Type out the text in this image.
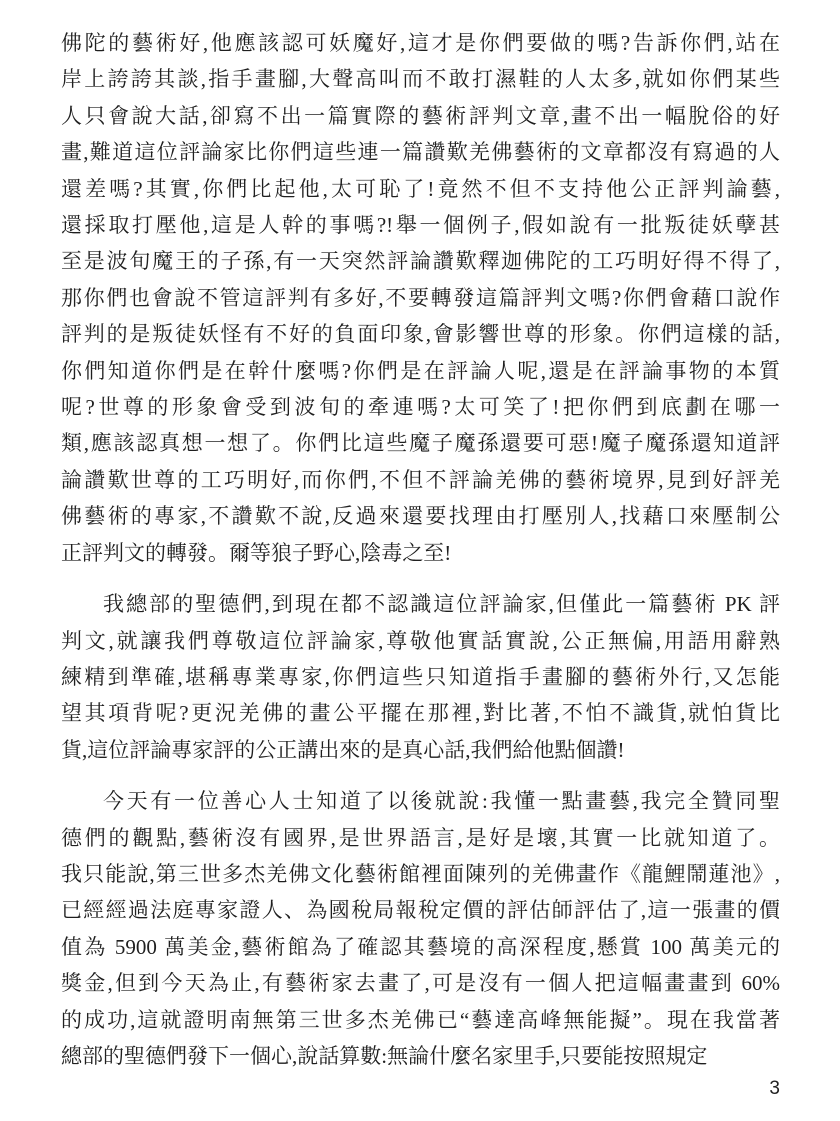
佛陀的藝術好,他應該認可妖魔好,這才是你們要做的嗎?告訴你們,站在
岸上誇誇其談,指手畫腳,大聲高叫而不敢打濕鞋的人太多,就如你們某些
人只會說大話,卻寫不出一篇實際的藝術評判文章,畫不出一幅脫俗的好
畫,難道這位評論家比你們這些連一篇讚歎羌佛藝術的文章都沒有寫過的人
還差嗎?其實,你們比起他,太可恥了!竟然不但不支持他公正評判論藝,
還採取打壓他,這是人幹的事嗎?!舉一個例子,假如說有一批叛徒妖孽甚
至是波旬魔王的子孫,有一天突然評論讚歎釋迦佛陀的工巧明好得不得了,
那你們也會說不管這評判有多好,不要轉發這篇評判文嗎?你們會藉口說作
評判的是叛徒妖怪有不好的負面印象,會影響世尊的形象。你們這樣的話,
你們知道你們是在幹什麼嗎?你們是在評論人呢,還是在評論事物的本質
呢?世尊的形象會受到波旬的牽連嗎?太可笑了!把你們到底劃在哪一
類,應該認真想一想了。你們比這些魔子魔孫還要可惡!魔子魔孫還知道評
論讚歎世尊的工巧明好,而你們,不但不評論羌佛的藝術境界,見到好評羌
佛藝術的專家,不讚歎不說,反過來還要找理由打壓別人,找藉口來壓制公
正評判文的轉發。爾等狼子野心,陰毒之至!
我總部的聖德們,到現在都不認識這位評論家,但僅此一篇藝術 PK 評
判文,就讓我們尊敬這位評論家,尊敬他實話實說,公正無偏,用語用辭熟
練精到準確,堪稱專業專家,你們這些只知道指手畫腳的藝術外行,又怎能
望其項背呢?更況羌佛的畫公平擺在那裡,對比著,不怕不識貨,就怕貨比
貨,這位評論專家評的公正講出來的是真心話,我們給他點個讚!
今天有一位善心人士知道了以後就說:我懂一點畫藝,我完全贊同聖
德們的觀點,藝術沒有國界,是世界語言,是好是壞,其實一比就知道了。
我只能說,第三世多杰羌佛文化藝術館裡面陳列的羌佛畫作《龍鯉鬧蓮池》,
已經經過法庭專家證人、為國稅局報稅定價的評估師評估了,這一張畫的價
值為 5900 萬美金,藝術館為了確認其藝境的高深程度,懸賞 100 萬美元的
獎金,但到今天為止,有藝術家去畫了,可是沒有一個人把這幅畫畫到 60%
的成功,這就證明南無第三世多杰羌佛已“藝達高峰無能擬”。現在我當著
總部的聖德們發下一個心,說話算數:無論什麼名家里手,只要能按照規定
3
